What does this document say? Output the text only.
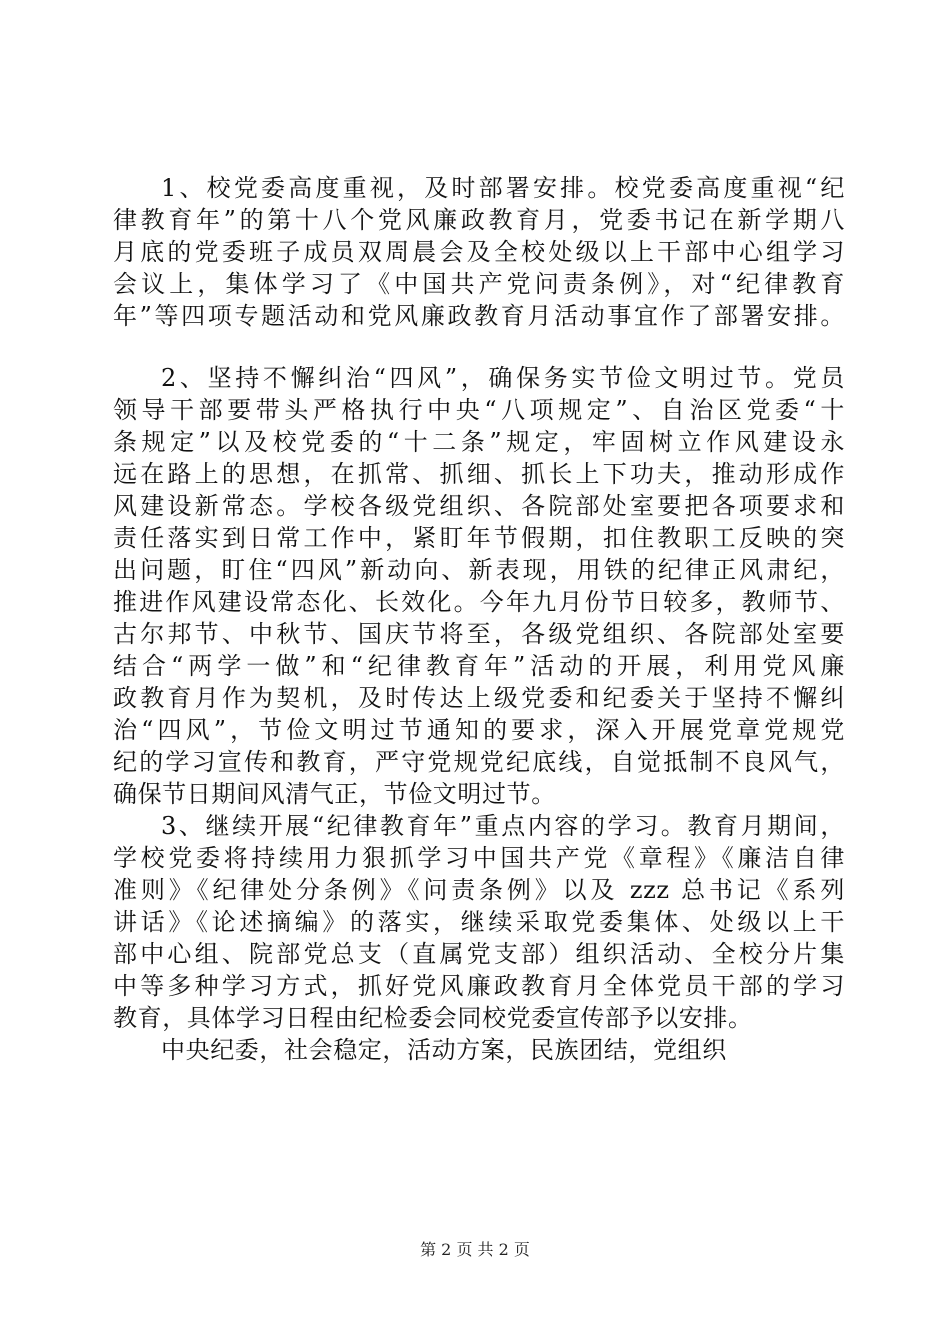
1、校党委高度重视，及时部署安排。校党委高度重视“纪
律教育年”的第十八个党风廉政教育月，党委书记在新学期八
月底的党委班子成员双周晨会及全校处级以上干部中心组学习
会议上，集体学习了《中国共产党问责条例》，对“纪律教育
年”等四项专题活动和党风廉政教育月活动事宜作了部署安排。
2、坚持不懈纠治“四风”，确保务实节俭文明过节。党员
领导干部要带头严格执行中央“八项规定”、自治区党委“十
条规定”以及校党委的“十二条”规定，牢固树立作风建设永
远在路上的思想，在抓常、抓细、抓长上下功夫，推动形成作
风建设新常态。学校各级党组织、各院部处室要把各项要求和
责任落实到日常工作中，紧盯年节假期，扣住教职工反映的突
出问题，盯住“四风”新动向、新表现，用铁的纪律正风肃纪，
推进作风建设常态化、长效化。今年九月份节日较多，教师节、
古尔邦节、中秋节、国庆节将至，各级党组织、各院部处室要
结合“两学一做”和“纪律教育年”活动的开展，利用党风廉
政教育月作为契机，及时传达上级党委和纪委关于坚持不懈纠
治“四风”，节俭文明过节通知的要求，深入开展党章党规党
纪的学习宣传和教育，严守党规党纪底线，自觉抵制不良风气，
确保节日期间风清气正，节俭文明过节。
3、继续开展“纪律教育年”重点内容的学习。教育月期间，
学校党委将持续用力狠抓学习中国共产党《章程》《廉洁自律
准则》《纪律处分条例》《问责条例》以及 zzz 总书记《系列
讲话》《论述摘编》的落实，继续采取党委集体、处级以上干
部中心组、院部党总支（直属党支部）组织活动、全校分片集
中等多种学习方式，抓好党风廉政教育月全体党员干部的学习
教育，具体学习日程由纪检委会同校党委宣传部予以安排。
中央纪委，社会稳定，活动方案，民族团结，党组织
第 2 页 共 2 页
